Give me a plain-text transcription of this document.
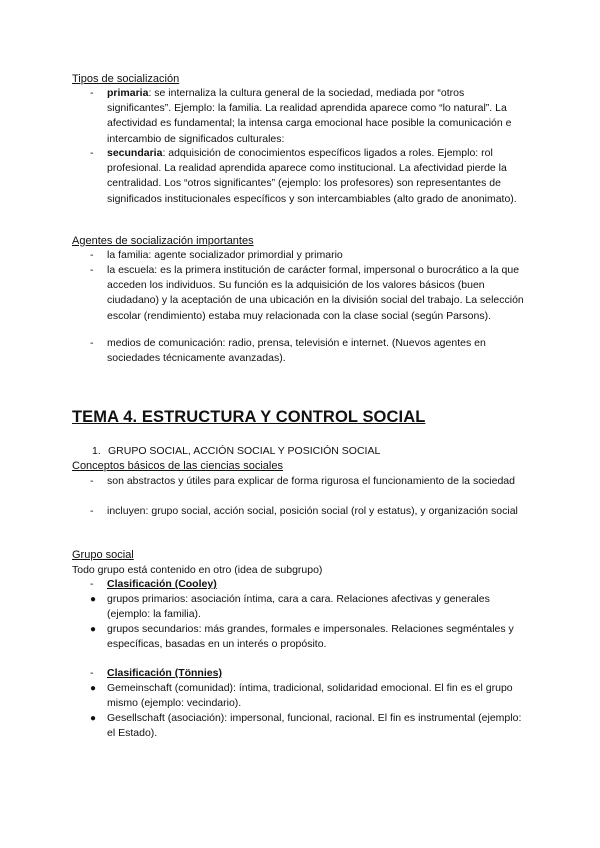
Tipos de socialización
-	primaria: se internaliza la cultura general de la sociedad, mediada por “otros significantes”. Ejemplo: la familia. La realidad aprendida aparece como “lo natural”. La afectividad es fundamental; la intensa carga emocional hace posible la comunicación e intercambio de significados culturales:
-	secundaria: adquisición de conocimientos específicos ligados a roles. Ejemplo: rol profesional. La realidad aprendida aparece como institucional. La afectividad pierde la centralidad. Los “otros significantes” (ejemplo: los profesores) son representantes de significados institucionales específicos y son intercambiables (alto grado de anonimato).
Agentes de socialización importantes
-	la familia: agente socializador primordial y primario
-	la escuela: es la primera institución de carácter formal, impersonal o burocrático a la que acceden los individuos. Su función es la adquisición de los valores básicos (buen ciudadano) y la aceptación de una ubicación en la división social del trabajo. La selección escolar (rendimiento) estaba muy relacionada con la clase social (según Parsons).
-	medios de comunicación: radio, prensa, televisión e internet. (Nuevos agentes en sociedades técnicamente avanzadas).
TEMA 4. ESTRUCTURA Y CONTROL SOCIAL
1. GRUPO SOCIAL, ACCIÓN SOCIAL Y POSICIÓN SOCIAL
Conceptos básicos de las ciencias sociales
-	son abstractos y útiles para explicar de forma rigurosa el funcionamiento de la sociedad
-	incluyen: grupo social, acción social, posición social (rol y estatus), y organización social
Grupo social
Todo grupo está contenido en otro (idea de subgrupo)
-	Clasificación (Cooley)
●	grupos primarios: asociación íntima, cara a cara. Relaciones afectivas y generales (ejemplo: la familia).
●	grupos secundarios: más grandes, formales e impersonales. Relaciones segméntales y específicas, basadas en un interés o propósito.
-	Clasificación (Tönnies)
●	Gemeinschaft (comunidad): íntima, tradicional, solidaridad emocional. El fin es el grupo mismo (ejemplo: vecindario).
●	Gesellschaft (asociación): impersonal, funcional, racional. El fin es instrumental (ejemplo: el Estado).
